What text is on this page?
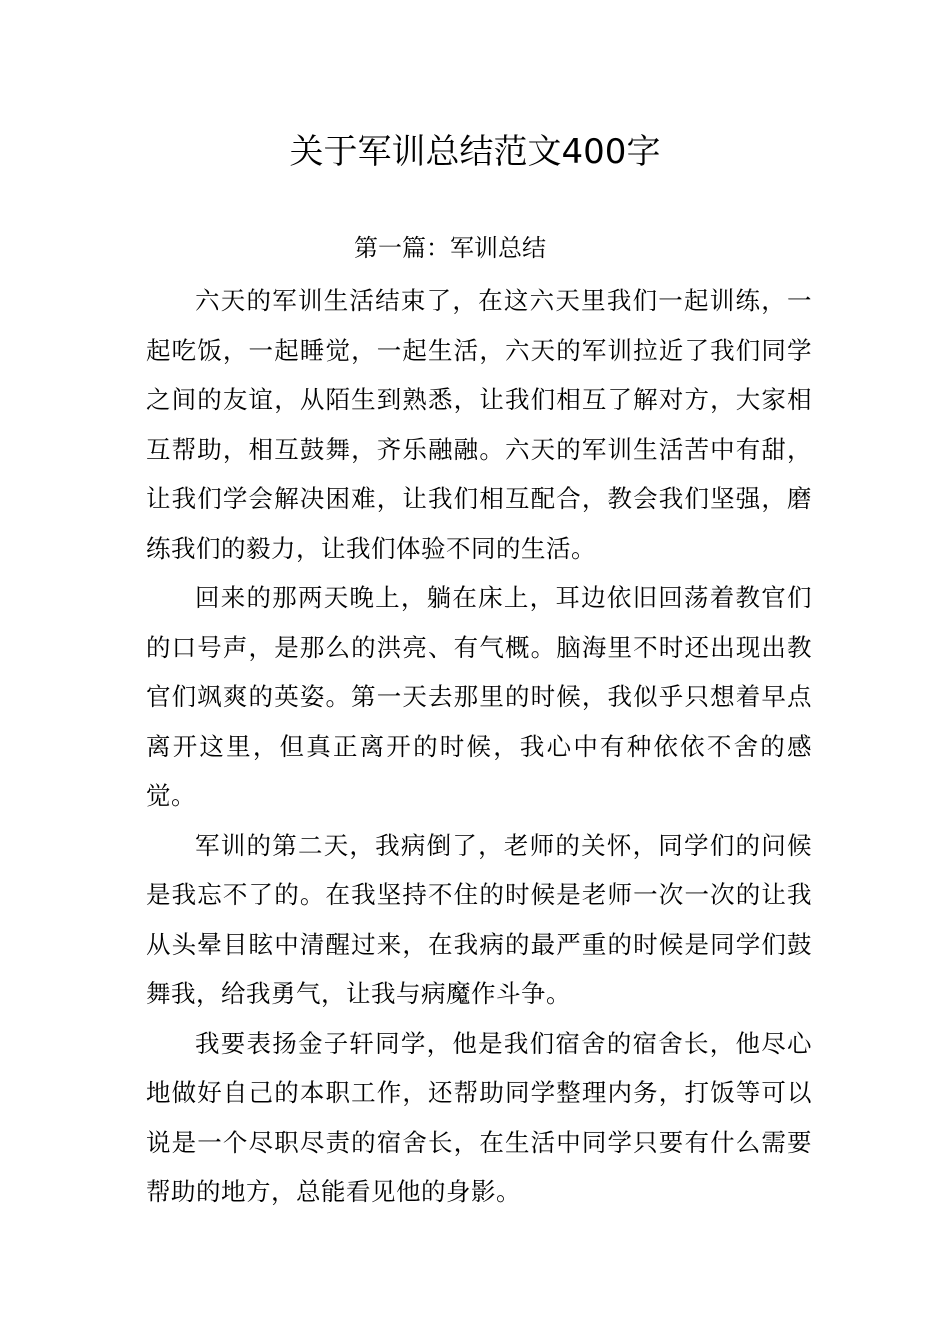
关于军训总结范文400字
第一篇：军训总结

六天的军训生活结束了，在这六天里我们一起训练，一起吃饭，一起睡觉，一起生活，六天的军训拉近了我们同学之间的友谊，从陌生到熟悉，让我们相互了解对方，大家相互帮助，相互鼓舞，齐乐融融。六天的军训生活苦中有甜，让我们学会解决困难，让我们相互配合，教会我们坚强，磨练我们的毅力，让我们体验不同的生活。

回来的那两天晚上，躺在床上，耳边依旧回荡着教官们的口号声，是那么的洪亮、有气概。脑海里不时还出现出教官们飒爽的英姿。第一天去那里的时候，我似乎只想着早点离开这里，但真正离开的时候，我心中有种依依不舍的感觉。

军训的第二天，我病倒了，老师的关怀，同学们的问候是我忘不了的。在我坚持不住的时候是老师一次一次的让我从头晕目眩中清醒过来，在我病的最严重的时候是同学们鼓舞我，给我勇气，让我与病魔作斗争。

我要表扬金子轩同学，他是我们宿舍的宿舍长，他尽心地做好自己的本职工作，还帮助同学整理内务，打饭等可以说是一个尽职尽责的宿舍长，在生活中同学只要有什么需要帮助的地方，总能看见他的身影。
